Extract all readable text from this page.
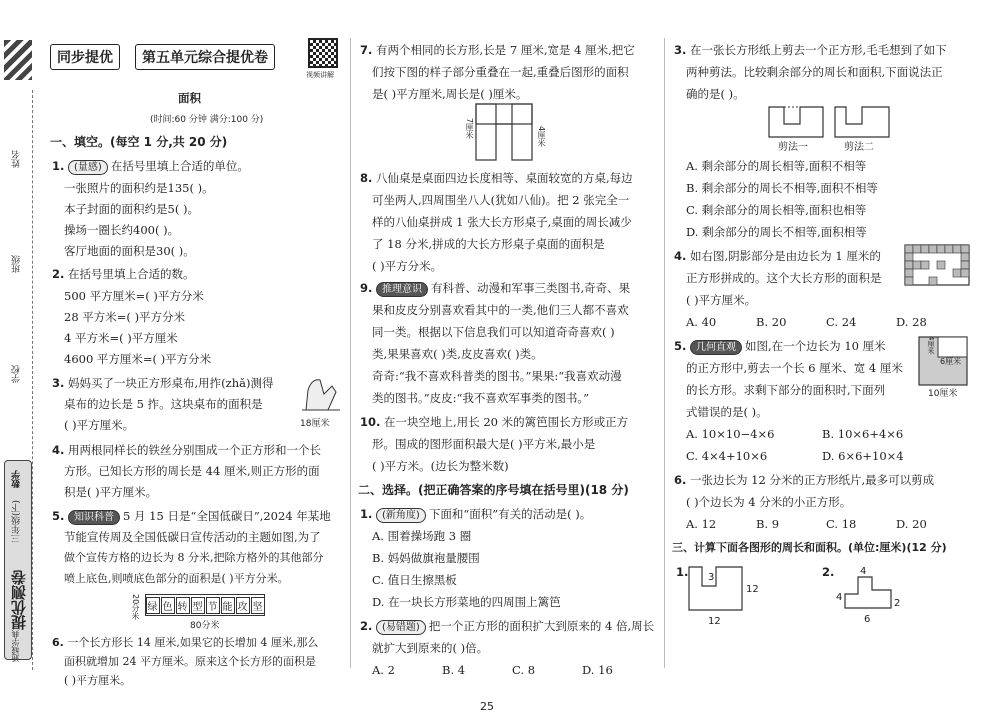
姓名
班级
学校
数学
三年级(下)
提优测卷
通城学典
同步提优	第五单元综合提优卷
视频讲解
面积
(时间:60 分钟 满分:100 分)
一、填空。(每空 1 分,共 20 分)
1. (量感) 在括号里填上合适的单位。
一张照片的面积约是135( )。
本子封面的面积约是5( )。
操场一圈长约400( )。
客厅地面的面积是30( )。
2. 在括号里填上合适的数。
500 平方厘米=( )平方分米
28 平方米=( )平方分米
4 平方米=( )平方厘米
4600 平方厘米=( )平方分米
3. 妈妈买了一块正方形桌布,用拃(zhǎ)测得
桌布的边长是 5 拃。这块桌布的面积是
( )平方厘米。	18厘米
4. 用两根同样长的铁丝分别围成一个正方形和一个长
方形。已知长方形的周长是 44 厘米,则正方形的面
积是( )平方厘米。
5. 知识科普 5 月 15 日是“全国低碳日”,2024 年某地
节能宣传周及全国低碳日宣传活动的主题如图,为了
做个宣传方格的边长为 8 分米,把除方格外的其他部分
喷上底色,则喷底色部分的面积是( )平方分米。
绿 色 转 型 节 能 攻 坚
20分米
80分米
6. 一个长方形长 14 厘米,如果它的长增加 4 厘米,那么
面积就增加 24 平方厘米。原来这个长方形的面积是
( )平方厘米。
7. 有两个相同的长方形,长是 7 厘米,宽是 4 厘米,把它
们按下图的样子部分重叠在一起,重叠后图形的面积
是( )平方厘米,周长是( )厘米。
7厘米	4厘米
8. 八仙桌是桌面四边长度相等、桌面较宽的方桌,每边
可坐两人,四周围坐八人(犹如八仙)。把 2 张完全一
样的八仙桌拼成 1 张大长方形桌子,桌面的周长减少
了 18 分米,拼成的大长方形桌子桌面的面积是
( )平方分米。
9. 推理意识 有科普、动漫和军事三类图书,奇奇、果
果和皮皮分别喜欢看其中的一类,他们三人都不喜欢
同一类。根据以下信息我们可以知道奇奇喜欢( )
类,果果喜欢( )类,皮皮喜欢( )类。
奇奇:“我不喜欢科普类的图书。”果果:“我喜欢动漫
类的图书。”皮皮:“我不喜欢军事类的图书。”
10. 在一块空地上,用长 20 米的篱笆围长方形或正方
形。围成的图形面积最大是( )平方米,最小是
( )平方米。(边长为整米数)
二、选择。(把正确答案的序号填在括号里)(18 分)
1. (新角度) 下面和“面积”有关的活动是( )。
A. 围着操场跑 3 圈
B. 妈妈做旗袍量腰围
C. 值日生擦黑板
D. 在一块长方形菜地的四周围上篱笆
2. (易错题) 把一个正方形的面积扩大到原来的 4 倍,周长
就扩大到原来的( )倍。
A. 2	B. 4	C. 8	D. 16
3. 在一张长方形纸上剪去一个正方形,毛毛想到了如下
两种剪法。比较剩余部分的周长和面积,下面说法正
确的是( )。
剪法一	剪法二
A. 剩余部分的周长相等,面积不相等
B. 剩余部分的周长不相等,面积不相等
C. 剩余部分的周长相等,面积也相等
D. 剩余部分的周长不相等,面积相等
4. 如右图,阴影部分是由边长为 1 厘米的
正方形拼成的。这个大长方形的面积是
( )平方厘米。
A. 40	B. 20	C. 24	D. 28
5. 几何直观 如图,在一个边长为 10 厘米
的正方形中,剪去一个长 6 厘米、宽 4 厘米
的长方形。求剩下部分的面积时,下面列
式错误的是( )。
4厘米
6厘米
10厘米
A. 10×10−4×6	B. 10×6+4×6
C. 4×4+10×6	D. 6×6+10×4
6. 一张边长为 12 分米的正方形纸片,最多可以剪成
( )个边长为 4 分米的小正方形。
A. 12	B. 9	C. 18	D. 20
三、计算下面各图形的周长和面积。(单位:厘米)(12 分)
1. 3
12
12
2.	4
4
2
6
25
